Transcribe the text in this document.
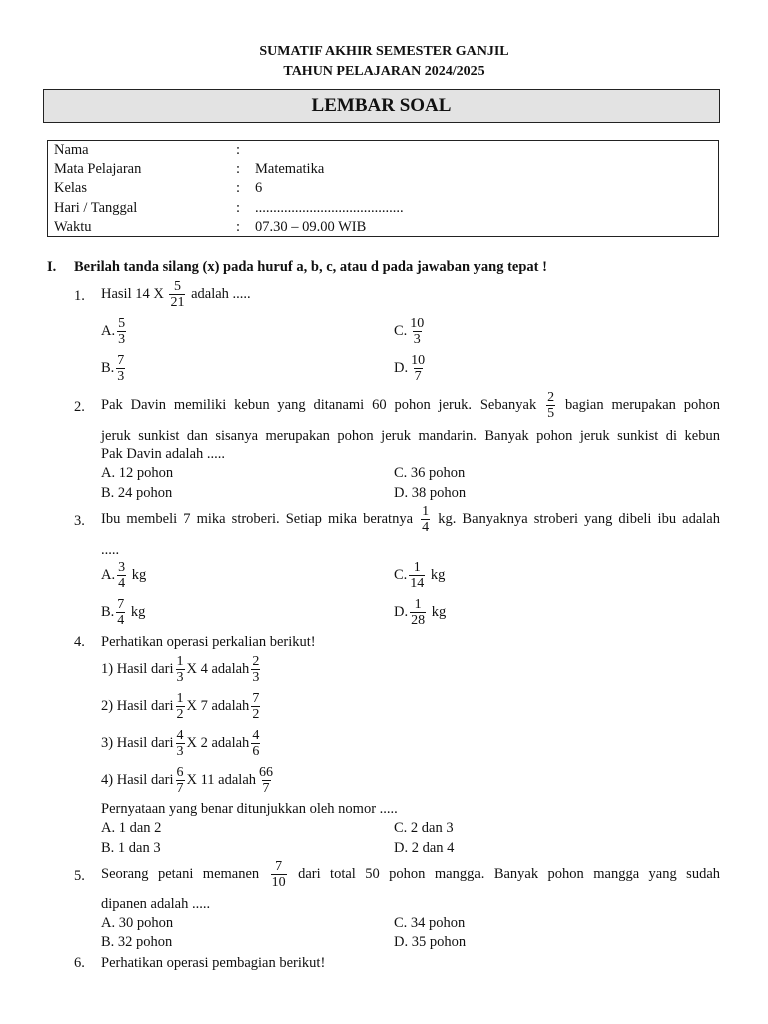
SUMATIF AKHIR SEMESTER GANJIL
TAHUN PELAJARAN 2024/2025
LEMBAR SOAL
Nama	:
Mata Pelajaran	: Matematika
Kelas	: 6
Hari / Tanggal	: .........................................
Waktu	: 07.30 – 09.00 WIB
I. Berilah tanda silang (x) pada huruf a, b, c, atau d pada jawaban yang tepat !
1. Hasil 14 X $\frac{5}{21}$ adalah .....
A. $\frac{5}{3}$
B. $\frac{7}{3}$
C. $\frac{10}{3}$
D. $\frac{10}{7}$
2. Pak Davin memiliki kebun yang ditanami 60 pohon jeruk. Sebanyak $\frac{2}{5}$ bagian merupakan pohon
jeruk sunkist dan sisanya merupakan pohon jeruk mandarin. Banyak pohon jeruk sunkist di kebun
Pak Davin adalah .....
A. 12 pohon
B. 24 pohon
C. 36 pohon
D. 38 pohon
3. Ibu membeli 7 mika stroberi. Setiap mika beratnya $\frac{1}{4}$ kg. Banyaknya stroberi yang dibeli ibu adalah
.....
A. $\frac{3}{4}$ kg
B. $\frac{7}{4}$ kg
C. $\frac{1}{14}$ kg
D. $\frac{1}{28}$ kg
4. Perhatikan operasi perkalian berikut!
1) Hasil dari $\frac{1}{3}$ X 4 adalah $\frac{2}{3}$
2) Hasil dari $\frac{1}{2}$ X 7 adalah $\frac{7}{2}$
3) Hasil dari $\frac{4}{3}$ X 2 adalah $\frac{4}{6}$
4) Hasil dari $\frac{6}{7}$ X 11 adalah $\frac{66}{7}$
Pernyataan yang benar ditunjukkan oleh nomor .....
A. 1 dan 2
B. 1 dan 3
C. 2 dan 3
D. 2 dan 4
5. Seorang petani memanen $\frac{7}{10}$ dari total 50 pohon mangga. Banyak pohon mangga yang sudah
dipanen adalah .....
A. 30 pohon
B. 32 pohon
C. 34 pohon
D. 35 pohon
6. Perhatikan operasi pembagian berikut!
